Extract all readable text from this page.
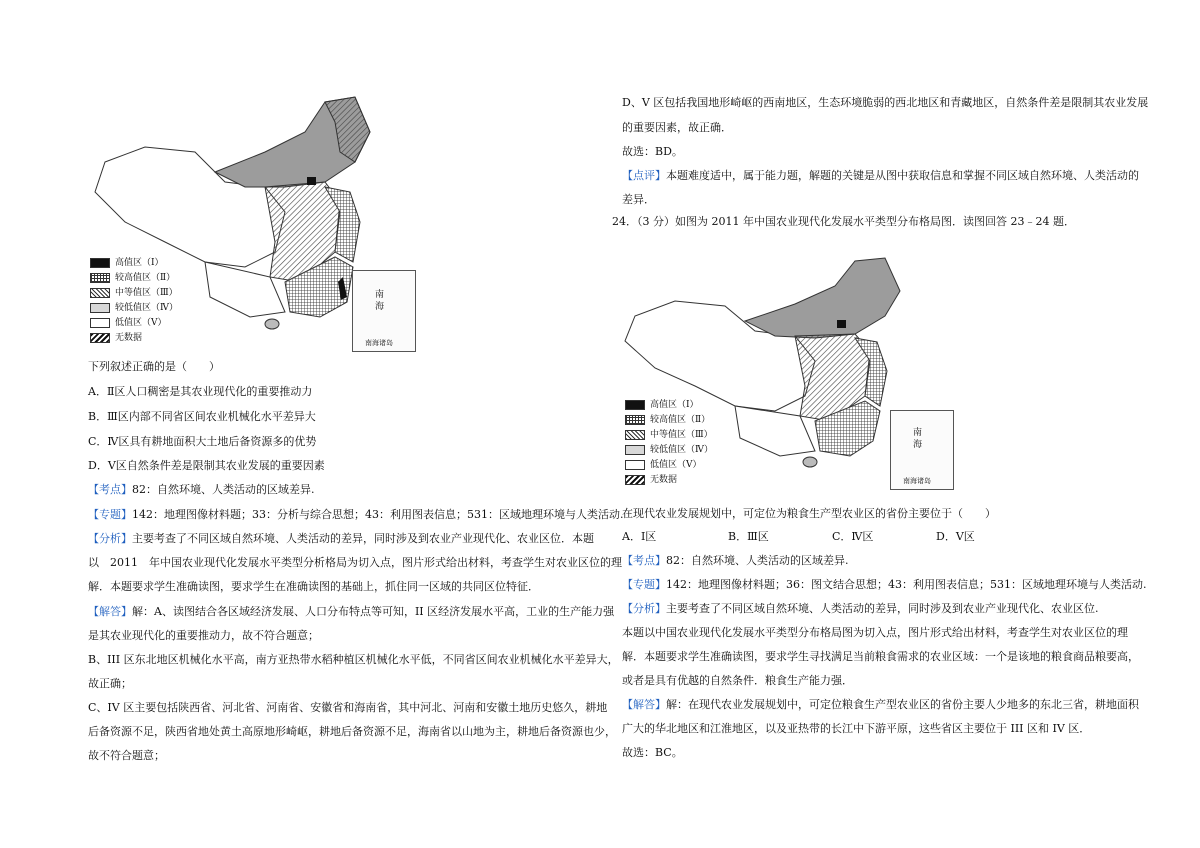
高值区（Ⅰ）
较高值区（Ⅱ）
中等值区（Ⅲ）
较低值区（Ⅳ）
低值区（Ⅴ）
无数据
南
海
南海诸岛
下列叙述正确的是（　　）
A．Ⅱ区人口稠密是其农业现代化的重要推动力
B．Ⅲ区内部不同省区间农业机械化水平差异大
C．Ⅳ区具有耕地面积大土地后备资源多的优势
D．Ⅴ区自然条件差是限制其农业发展的重要因素
【考点】82：自然环境、人类活动的区域差异.
【专题】142：地理图像材料题；33：分析与综合思想；43：利用图表信息；531：区域地理环境与人类活动.
【分析】主要考查了不同区域自然环境、人类活动的差异，同时涉及到农业产业现代化、农业区位．本题
以　2011　年中国农业现代化发展水平类型分析格局为切入点，图片形式给出材料，考查学生对农业区位的理
解．本题要求学生准确读图，要求学生在准确读图的基础上，抓住同一区域的共同区位特征．
【解答】解：A、读图结合各区域经济发展、人口分布特点等可知，II 区经济发展水平高，工业的生产能力强
是其农业现代化的重要推动力，故不符合题意；
B、III 区东北地区机械化水平高，南方亚热带水稻种植区机械化水平低，不同省区间农业机械化水平差异大，
故正确；
C、IV 区主要包括陕西省、河北省、河南省、安徽省和海南省，其中河北、河南和安徽土地历史悠久，耕地
后备资源不足，陕西省地处黄土高原地形崎岖，耕地后备资源不足，海南省以山地为主，耕地后备资源也少，
故不符合题意；
D、V 区包括我国地形崎岖的西南地区，生态环境脆弱的西北地区和青藏地区，自然条件差是限制其农业发展
的重要因素，故正确．
故选：BD。
【点评】本题难度适中，属于能力题，解题的关键是从图中获取信息和掌握不同区域自然环境、人类活动的
差异．
24．（3 分）如图为 2011 年中国农业现代化发展水平类型分布格局图．读图回答 23﹣24 题．
高值区（Ⅰ）
较高值区（Ⅱ）
中等值区（Ⅲ）
较低值区（Ⅳ）
低值区（Ⅴ）
无数据
南
海
南海诸岛
在现代农业发展规划中，可定位为粮食生产型农业区的省份主要位于（　　）
A．Ⅰ区	B．Ⅲ区	C．Ⅳ区	D．Ⅴ区
【考点】82：自然环境、人类活动的区域差异.
【专题】142：地理图像材料题；36：图文结合思想；43：利用图表信息；531：区域地理环境与人类活动.
【分析】主要考查了不同区域自然环境、人类活动的差异，同时涉及到农业产业现代化、农业区位.
本题以中国农业现代化发展水平类型分布格局图为切入点，图片形式给出材料，考查学生对农业区位的理
解．本题要求学生准确读图，要求学生寻找满足当前粮食需求的农业区域：一个是该地的粮食商品粮要高，
或者是具有优越的自然条件．粮食生产能力强．
【解答】解：在现代农业发展规划中，可定位粮食生产型农业区的省份主要人少地多的东北三省，耕地面积
广大的华北地区和江淮地区，以及亚热带的长江中下游平原，这些省区主要位于 III 区和 IV 区．
故选：BC。
